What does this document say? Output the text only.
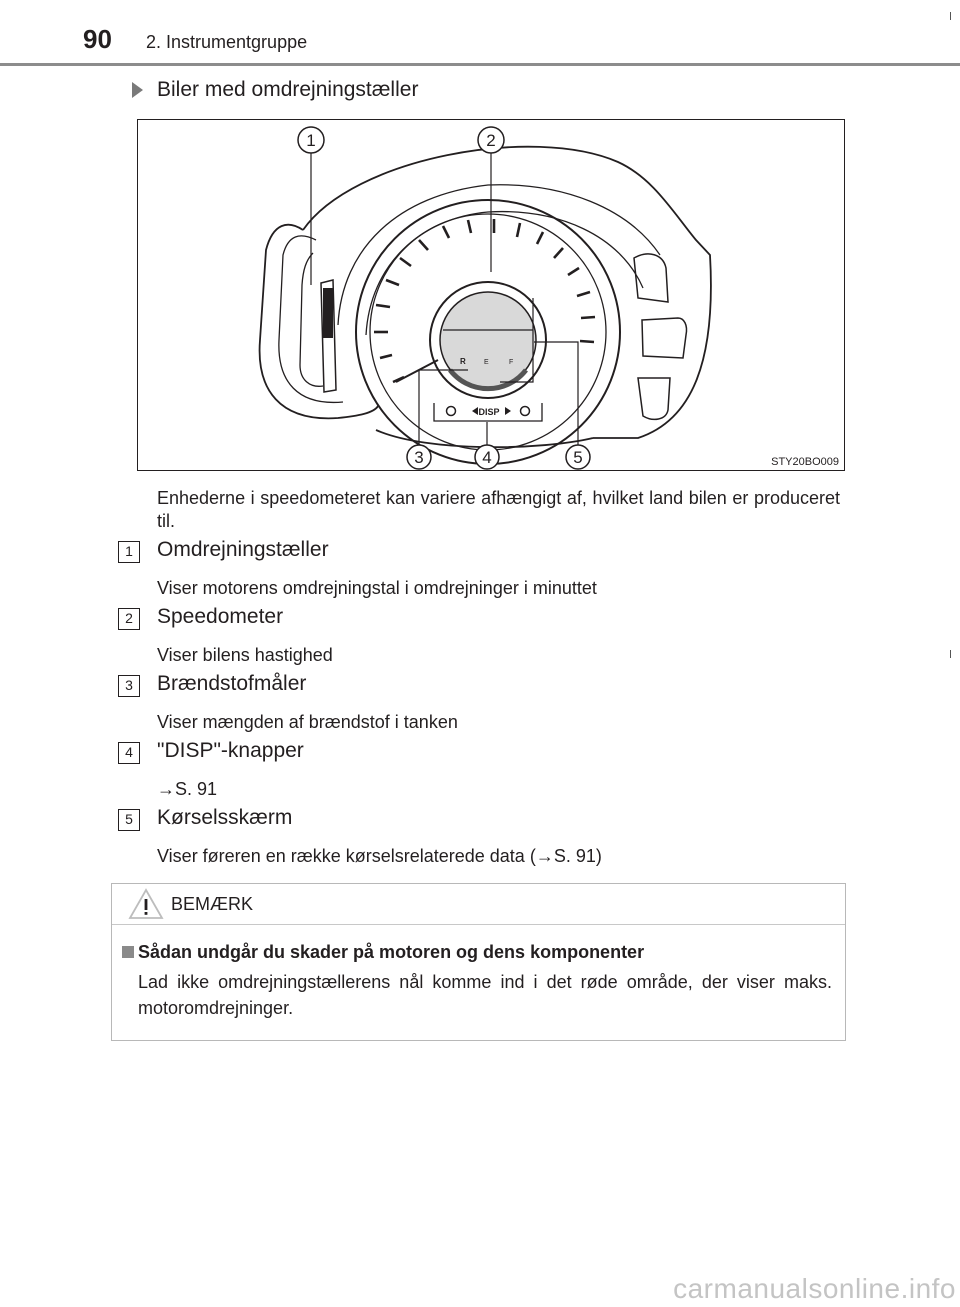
90 2. Instrumentgruppe
Biler med omdrejningstæller
1	2
3	4	5
DISP
R	E	F
STY20BO009
Enhederne i speedometeret kan variere afhængigt af, hvilket land bilen er produceret til.
1	Omdrejningstæller
Viser motorens omdrejningstal i omdrejninger i minuttet
2	Speedometer
Viser bilens hastighed
3	Brændstofmåler
Viser mængden af brændstof i tanken
4	"DISP"-knapper
→S. 91
5	Kørselsskærm
Viser føreren en række kørselsrelaterede data (→S. 91)
BEMÆRK
Sådan undgår du skader på motoren og dens komponenter
Lad ikke omdrejningstællerens nål komme ind i det røde område, der viser maks. motoromdrejninger.
carmanualsonline.info
